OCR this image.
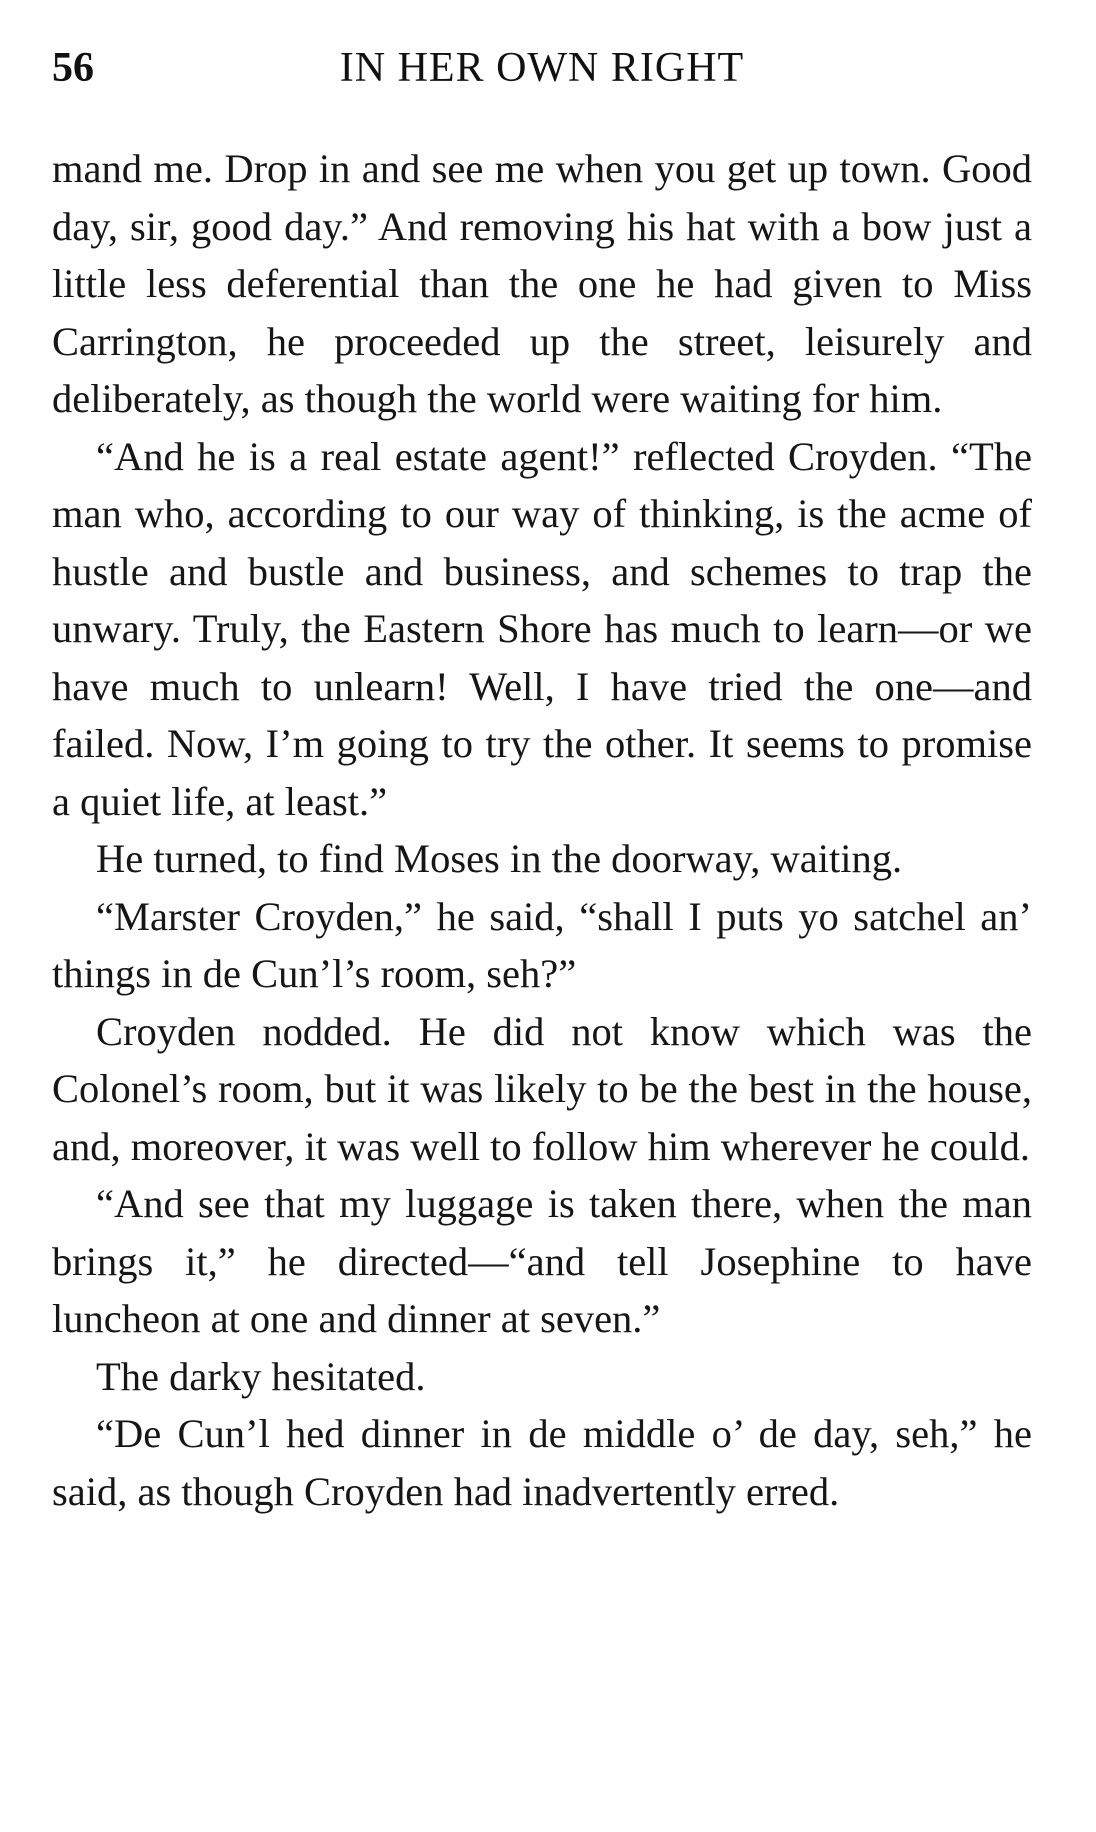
56	IN HER OWN RIGHT

mand me. Drop in and see me when you get up town. Good day, sir, good day.” And removing his hat with a bow just a little less deferential than the one he had given to Miss Carrington, he proceeded up the street, leisurely and deliberately, as though the world were waiting for him.

“And he is a real estate agent!” reflected Croyden. “The man who, according to our way of thinking, is the acme of hustle and bustle and business, and schemes to trap the unwary. Truly, the Eastern Shore has much to learn—or we have much to unlearn! Well, I have tried the one—and failed. Now, I’m going to try the other. It seems to promise a quiet life, at least.”

He turned, to find Moses in the doorway, waiting.

“Marster Croyden,” he said, “shall I puts yo satchel an’ things in de Cun’l’s room, seh?”

Croyden nodded. He did not know which was the Colonel’s room, but it was likely to be the best in the house, and, moreover, it was well to follow him wherever he could.

“And see that my luggage is taken there, when the man brings it,” he directed—“and tell Josephine to have luncheon at one and dinner at seven.”

The darky hesitated.

“De Cun’l hed dinner in de middle o’ de day, seh,” he said, as though Croyden had inadvertently erred.
